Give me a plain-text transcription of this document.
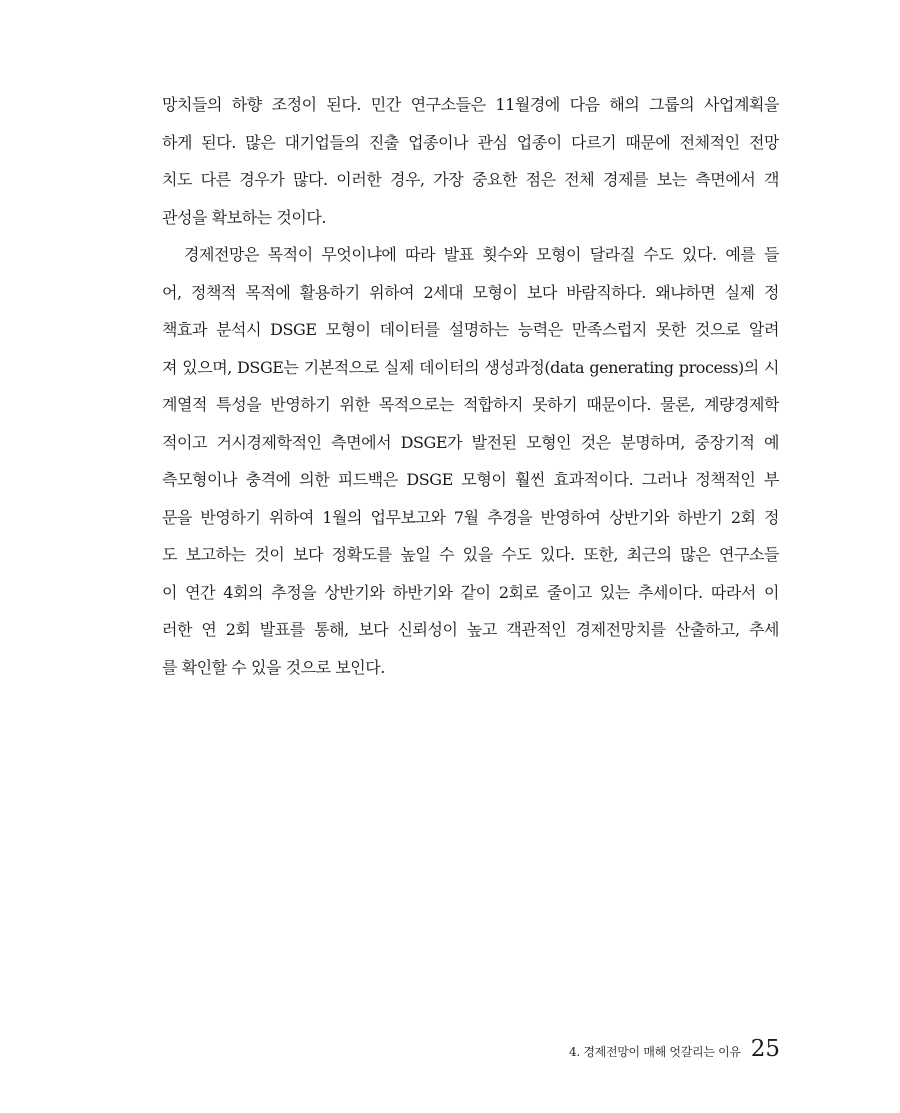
망치들의 하향 조정이 된다. 민간 연구소들은 11월경에 다음 해의 그룹의 사업계획을
하게 된다. 많은 대기업들의 진출 업종이나 관심 업종이 다르기 때문에 전체적인 전망
치도 다른 경우가 많다. 이러한 경우, 가장 중요한 점은 전체 경제를 보는 측면에서 객
관성을 확보하는 것이다.
경제전망은 목적이 무엇이냐에 따라 발표 횟수와 모형이 달라질 수도 있다. 예를 들
어, 정책적 목적에 활용하기 위하여 2세대 모형이 보다 바람직하다. 왜냐하면 실제 정
책효과 분석시 DSGE 모형이 데이터를 설명하는 능력은 만족스럽지 못한 것으로 알려
져 있으며, DSGE는 기본적으로 실제 데이터의 생성과정(data generating process)의 시
계열적 특성을 반영하기 위한 목적으로는 적합하지 못하기 때문이다. 물론, 계량경제학
적이고 거시경제학적인 측면에서 DSGE가 발전된 모형인 것은 분명하며, 중장기적 예
측모형이나 충격에 의한 피드백은 DSGE 모형이 훨씬 효과적이다. 그러나 정책적인 부
문을 반영하기 위하여 1월의 업무보고와 7월 추경을 반영하여 상반기와 하반기 2회 정
도 보고하는 것이 보다 정확도를 높일 수 있을 수도 있다. 또한, 최근의 많은 연구소들
이 연간 4회의 추정을 상반기와 하반기와 같이 2회로 줄이고 있는 추세이다. 따라서 이
러한 연 2회 발표를 통해, 보다 신뢰성이 높고 객관적인 경제전망치를 산출하고, 추세
를 확인할 수 있을 것으로 보인다.
4. 경제전망이 매해 엇갈리는 이유 25
